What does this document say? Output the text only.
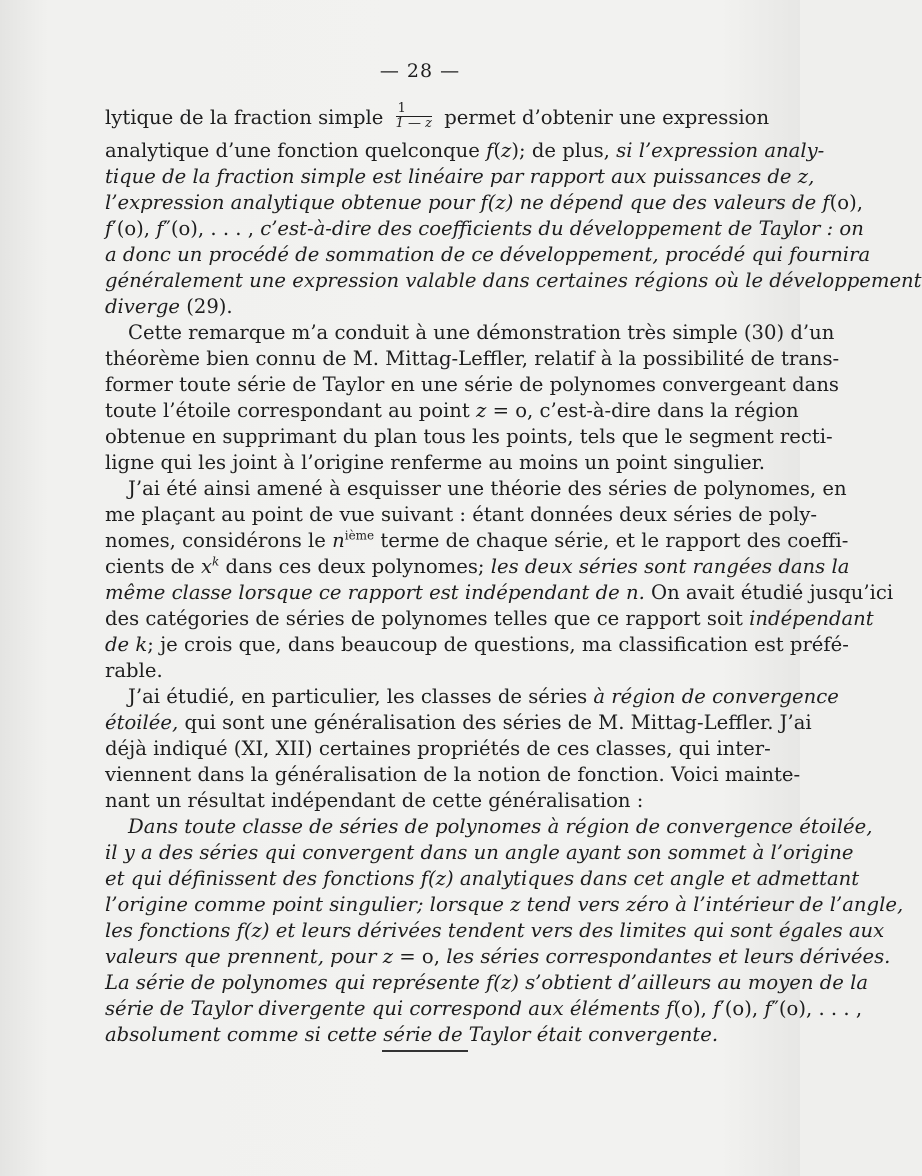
— 28 —
lytique de la fraction simple $\frac{1}{1 — z}$ permet d’obtenir une expression
analytique d’une fonction quelconque f(z); de plus, si l’expression analy-
tique de la fraction simple est linéaire par rapport aux puissances de z,
l’expression analytique obtenue pour f(z) ne dépend que des valeurs de f(o),
f′(o), f″(o), . . . , c’est-à-dire des coefficients du développement de Taylor : on
a donc un procédé de sommation de ce développement, procédé qui fournira
généralement une expression valable dans certaines régions où le développement
diverge (29).
Cette remarque m’a conduit à une démonstration très simple (30) d’un
théorème bien connu de M. Mittag-Leffler, relatif à la possibilité de trans-
former toute série de Taylor en une série de polynomes convergeant dans
toute l’étoile correspondant au point z = o, c’est-à-dire dans la région
obtenue en supprimant du plan tous les points, tels que le segment recti-
ligne qui les joint à l’origine renferme au moins un point singulier.
J’ai été ainsi amené à esquisser une théorie des séries de polynomes, en
me plaçant au point de vue suivant : étant données deux séries de poly-
nomes, considérons le $n^{ième}$ terme de chaque série, et le rapport des coeffi-
cients de $x^k$ dans ces deux polynomes; les deux séries sont rangées dans la
même classe lorsque ce rapport est indépendant de n. On avait étudié jusqu’ici
des catégories de séries de polynomes telles que ce rapport soit indépendant
de k; je crois que, dans beaucoup de questions, ma classification est préfé-
rable.
J’ai étudié, en particulier, les classes de séries à région de convergence
étoilée, qui sont une généralisation des séries de M. Mittag-Leffler. J’ai
déjà indiqué (XI, XII) certaines propriétés de ces classes, qui inter-
viennent dans la généralisation de la notion de fonction. Voici mainte-
nant un résultat indépendant de cette généralisation :
Dans toute classe de séries de polynomes à région de convergence étoilée,
il y a des séries qui convergent dans un angle ayant son sommet à l’origine
et qui définissent des fonctions f(z) analytiques dans cet angle et admettant
l’origine comme point singulier; lorsque z tend vers zéro à l’intérieur de l’angle,
les fonctions f(z) et leurs dérivées tendent vers des limites qui sont égales aux
valeurs que prennent, pour z = o, les séries correspondantes et leurs dérivées.
La série de polynomes qui représente f(z) s’obtient d’ailleurs au moyen de la
série de Taylor divergente qui correspond aux éléments f(o), f′(o), f″(o), . . . ,
absolument comme si cette série de Taylor était convergente.
